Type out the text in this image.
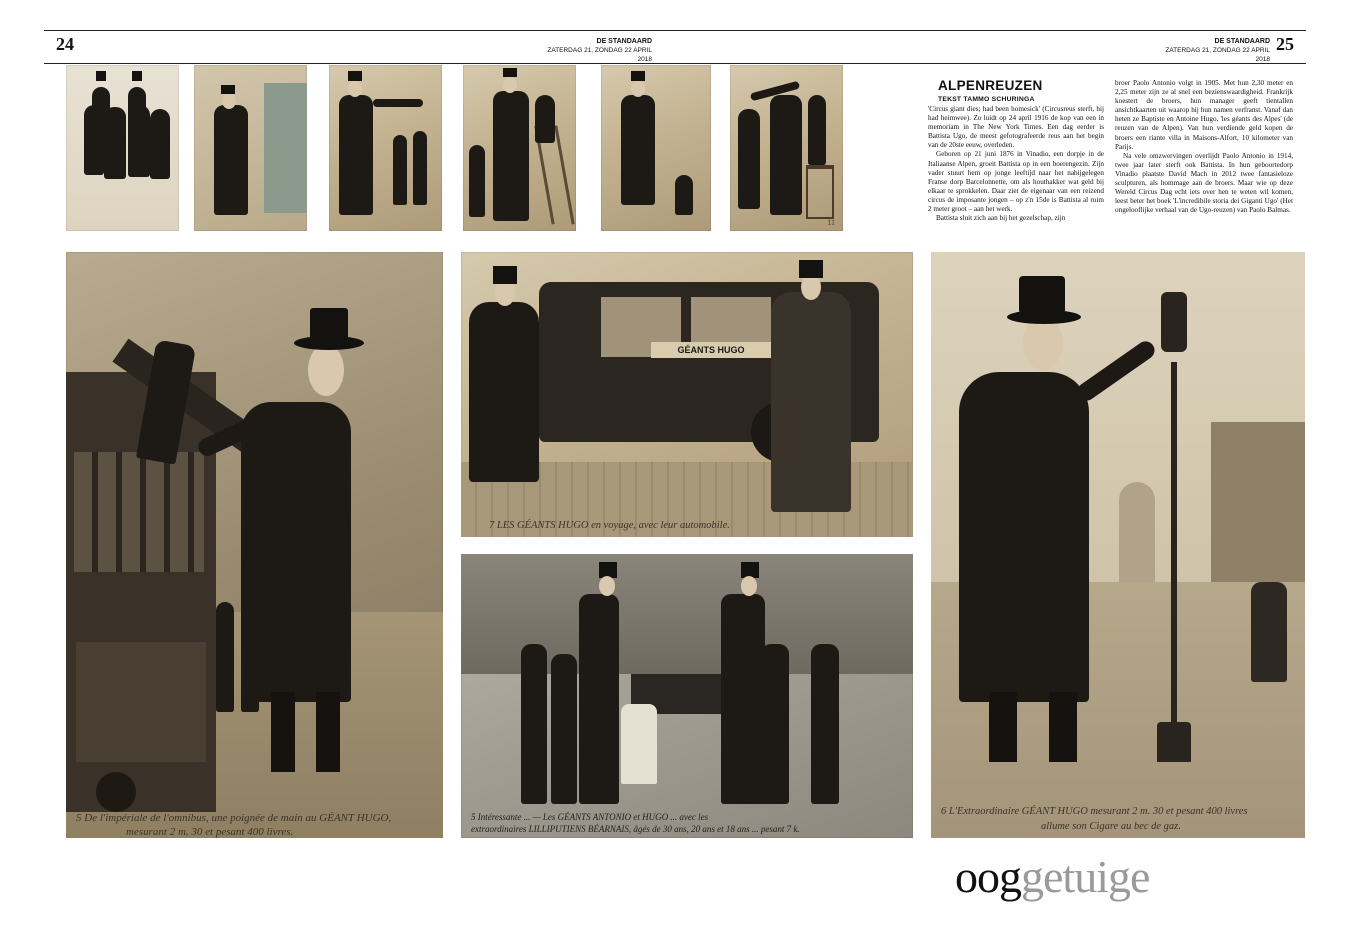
24	DE STANDAARD
ZATERDAG 21, ZONDAG 22 APRIL 2018
DE STANDAARD
ZATERDAG 21, ZONDAG 22 APRIL 2018
25
11
ALPENREUZEN
TEKST TAMMO SCHURINGA

'Circus giant dies; had been homesick' (Circusreus sterft, hij had heimwee). Zo luidt op 24 april 1916 de kop van een in memoriam in The New York Times. Een dag eerder is Battista Ugo, de meest gefotografeerde reus aan het begin van de 20ste eeuw, overleden.

Geboren op 21 juni 1876 in Vinadio, een dorpje in de Italiaanse Alpen, groeit Battista op in een boerengezin. Zijn vader stuurt hem op jonge leeftijd naar het nabijgelegen Franse dorp Barcelonnette, om als houthakker wat geld bij elkaar te sprokkelen. Daar ziet de eigenaar van een reizend circus de imposante jongen – op z'n 15de is Battista al ruim 2 meter groot – aan het werk.

Battista sluit zich aan bij het gezelschap, zijn

broer Paolo Antonio volgt in 1905. Met hun 2,30 meter en 2,25 meter zijn ze al snel een bezienswaardigheid. Frankrijk koestert de broers, hun manager geeft tientallen ansichtkaarten uit waarop hij hun namen verfranst. Vanaf dan heten ze Baptiste en Antoine Hugo, 'les géants des Alpes' (de reuzen van de Alpen). Van hun verdiende geld kopen de broers een riante villa in Maisons-Alfort, 10 kilometer van Parijs.

Na vele omzwervingen overlijdt Paolo Antonio in 1914, twee jaar later sterft ook Battista. In hun geboortedorp Vinadio plaatste David Mach in 2012 twee fantasieloze sculpturen, als hommage aan de broers. Maar wie op deze Wereld Circus Dag echt iets over hen te weten wil komen, leest beter het boek 'L'incredibile storia dei Giganti Ugo' (Het ongelooflijke verhaal van de Ugo-reuzen) van Paolo Balmas.

5 De l'impériale de l'omnibus, une poignée de main au GÉANT HUGO,
mesurant 2 m. 30 et pesant 400 livres.
GÉANTS HUGO
7 LES GÉANTS HUGO en voyage, avec leur automobile.
5 Intéressante ... — Les GÉANTS ANTONIO et HUGO ... avec les
extraordinaires LILLIPUTIENS BÉARNAIS, âgés de 30 ans, 20 ans et 18 ans ... pesant 7 k.
6 L'Extraordinaire GÉANT HUGO mesurant 2 m. 30 et pesant 400 livres
allume son Cigare au bec de gaz.
ooggetuige
